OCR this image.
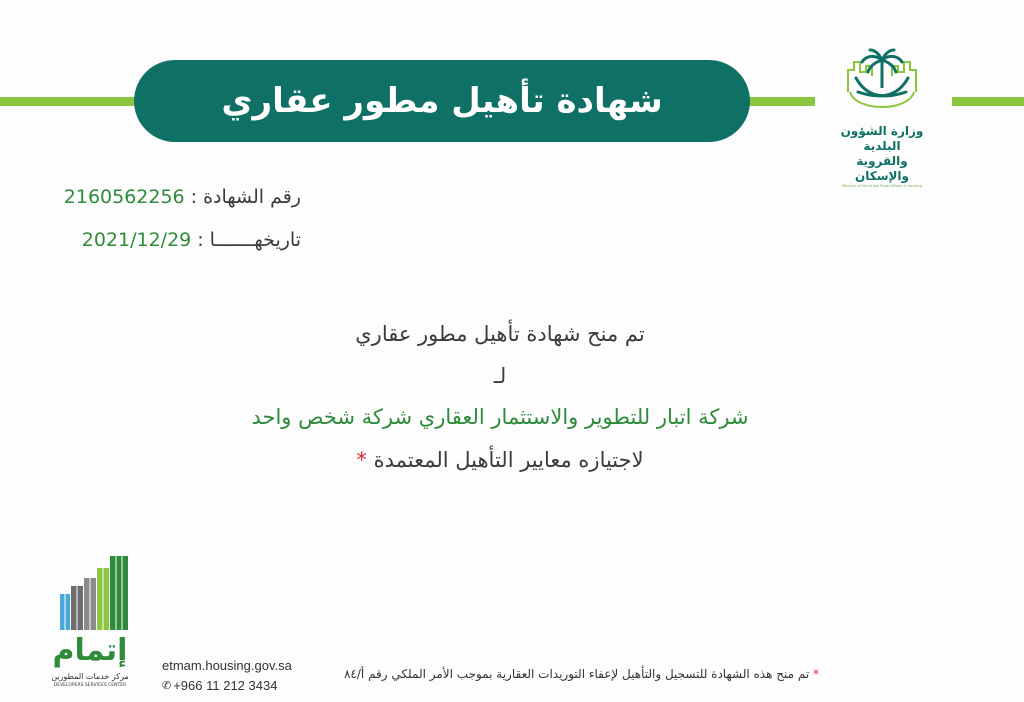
شهادة تأهيل مطور عقاري
وزارة الشؤون البلدية
والقروية والإسكان
Ministry of Municipal Rural Affairs & Housing
رقم الشهادة
:
2160562256
تاريخهـــــــا
:
2021/12/29
تم منح شهادة تأهيل مطور عقاري
لـ
شركة اتبار للتطوير والاستثمار العقاري شركة شخص واحد
لاجتيازه معايير التأهيل المعتمدة *
إتمام
مركز خدمات المطورين
DEVELOPERS SERVICES CENTER
etmam.housing.gov.sa
✆ +966 11 212 3434
* تم منح هذه الشهادة للتسجيل والتأهيل لإعفاء التوريدات العقارية بموجب الأمر الملكي رقم أ/٨٤
